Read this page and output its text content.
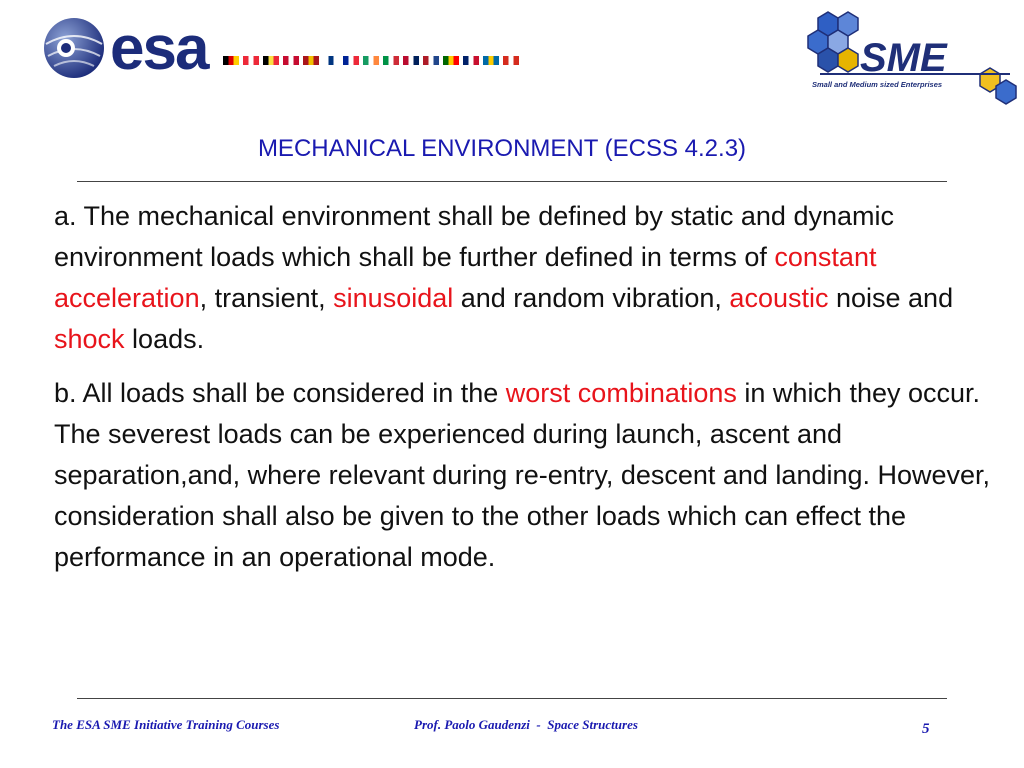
esa	SME
Small and Medium sized Enterprises
MECHANICAL ENVIRONMENT (ECSS 4.2.3)

a. The mechanical environment shall be defined by static and dynamic environment loads which shall be further defined in terms of constant acceleration, transient, sinusoidal and random vibration, acoustic noise and shock loads.

b. All loads shall be considered in the worst combinations in which they occur.

The severest loads can be experienced during launch, ascent and separation,and, where relevant during re-entry, descent and landing. However, consideration shall also be given to the other loads which can effect the performance in an operational mode.

The ESA SME Initiative Training Courses	Prof. Paolo Gaudenzi  -  Space Structures	5
